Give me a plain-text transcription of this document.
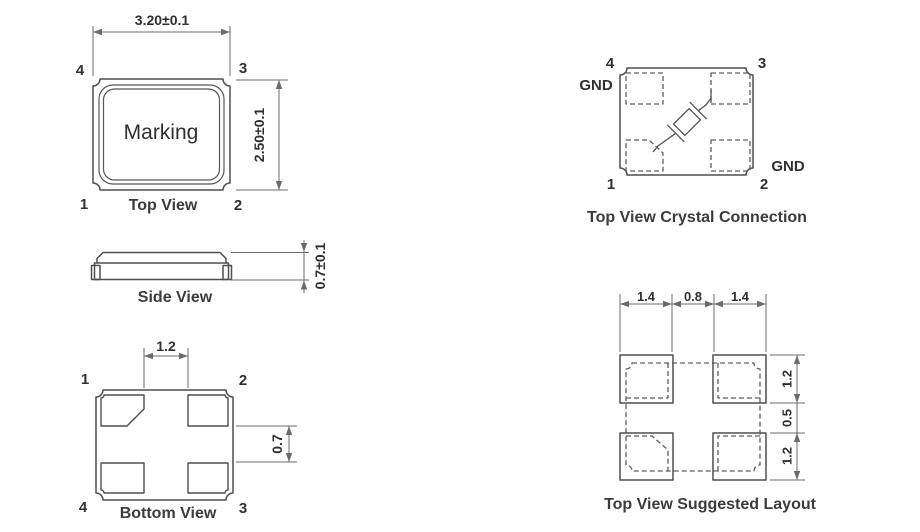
Marking
3.20±0.1
2.50±0.1
4	3
1	2
Top View
0.7±0.1
Side View
1.2
0.7
1	2
4	3
Bottom View
4	3
1	2
GND
GND
Top View Crystal Connection
1.4 0.8 1.4
1.2
0.5
1.2
Top View Suggested Layout
